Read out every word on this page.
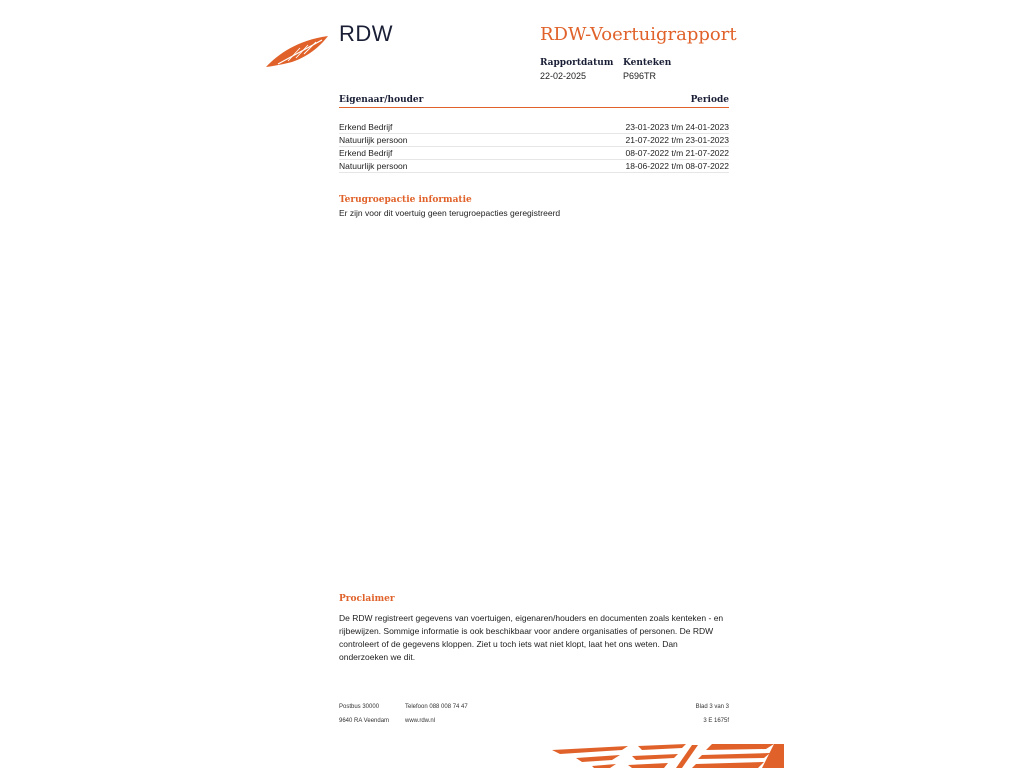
RDW	RDW-Voertuigrapport
Rapportdatum
22-02-2025
Kenteken
P696TR
Eigenaar/houder	Periode
Erkend Bedrijf	23-01-2023 t/m 24-01-2023
Natuurlijk persoon	21-07-2022 t/m 23-01-2023
Erkend Bedrijf	08-07-2022 t/m 21-07-2022
Natuurlijk persoon	18-06-2022 t/m 08-07-2022
Terugroepactie informatie
Er zijn voor dit voertuig geen terugroepacties geregistreerd
Proclaimer
De RDW registreert gegevens van voertuigen, eigenaren/houders en documenten zoals kenteken - en rijbewijzen. Sommige informatie is ook beschikbaar voor andere organisaties of personen. De RDW controleert of de gegevens kloppen. Ziet u toch iets wat niet klopt, laat het ons weten. Dan onderzoeken we dit.
Postbus 30000
9640 RA Veendam
Telefoon 088 008 74 47
www.rdw.nl
Blad 3 van 3
3 E 1675f
